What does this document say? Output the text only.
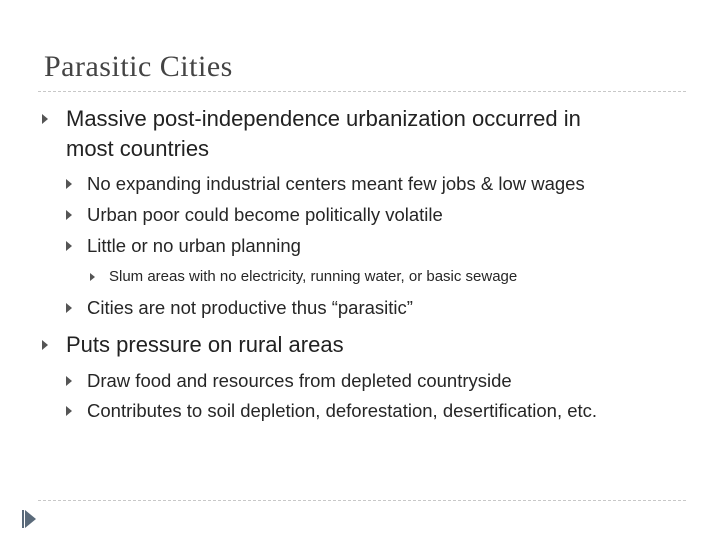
Parasitic Cities
Massive post-independence urbanization occurred in
most countries
No expanding industrial centers meant few jobs & low wages
Urban poor could become politically volatile
Little or no urban planning
Slum areas with no electricity, running water, or basic sewage
Cities are not productive thus “parasitic”
Puts pressure on rural areas
Draw food and resources from depleted countryside
Contributes to soil depletion, deforestation, desertification, etc.
